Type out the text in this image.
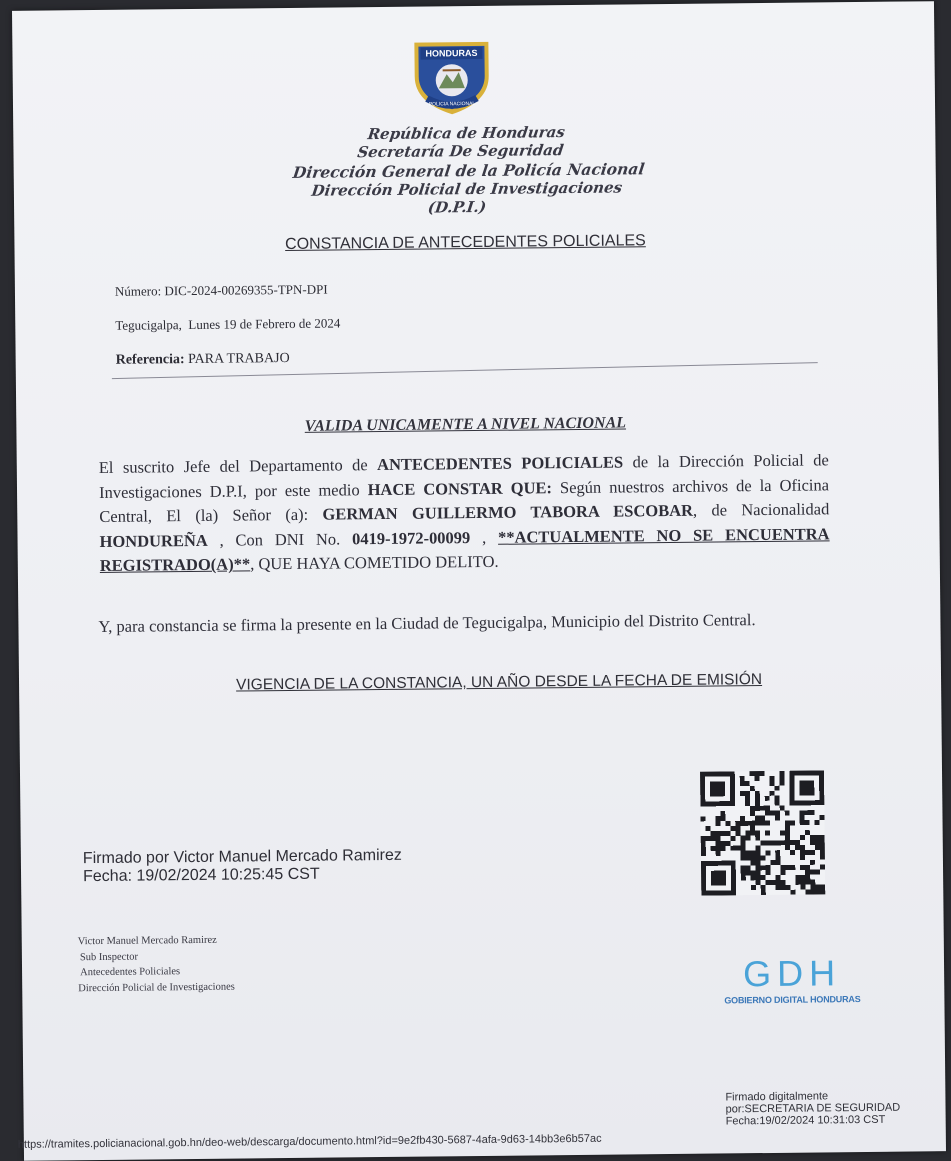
HONDURAS
POLICIA NACIONAL
República de Honduras
Secretaría De Seguridad
Dirección General de la Policía Nacional
Dirección Policial de Investigaciones
(D.P.I.)
CONSTANCIA DE ANTECEDENTES POLICIALES
Número: DIC-2024-00269355-TPN-DPI
Tegucigalpa,  Lunes 19 de Febrero de 2024
Referencia: PARA TRABAJO
VALIDA UNICAMENTE A NIVEL NACIONAL
El suscrito Jefe del Departamento de ANTECEDENTES POLICIALES de la Dirección Policial de Investigaciones D.P.I, por este medio HACE CONSTAR QUE: Según nuestros archivos de la Oficina Central, El (la) Señor (a): GERMAN GUILLERMO TABORA ESCOBAR, de Nacionalidad HONDUREÑA , Con DNI No. 0419-1972-00099 , **ACTUALMENTE NO SE ENCUENTRA REGISTRADO(A)**, QUE HAYA COMETIDO DELITO.
Y, para constancia se firma la presente en la Ciudad de Tegucigalpa, Municipio del Distrito Central.
VIGENCIA DE LA CONSTANCIA, UN AÑO DESDE LA FECHA DE EMISIÓN
Firmado por Victor Manuel Mercado Ramirez
Fecha: 19/02/2024 10:25:45 CST
Victor Manuel Mercado Ramirez
Sub Inspector
Antecedentes Policiales
Dirección Policial de Investigaciones	GDH
GOBIERNO DIGITAL HONDURAS
Firmado digitalmente
por:SECRETARIA DE SEGURIDAD
Fecha:19/02/2024 10:31:03 CST
https://tramites.policianacional.gob.hn/deo-web/descarga/documento.html?id=9e2fb430-5687-4afa-9d63-14bb3e6b57ac
